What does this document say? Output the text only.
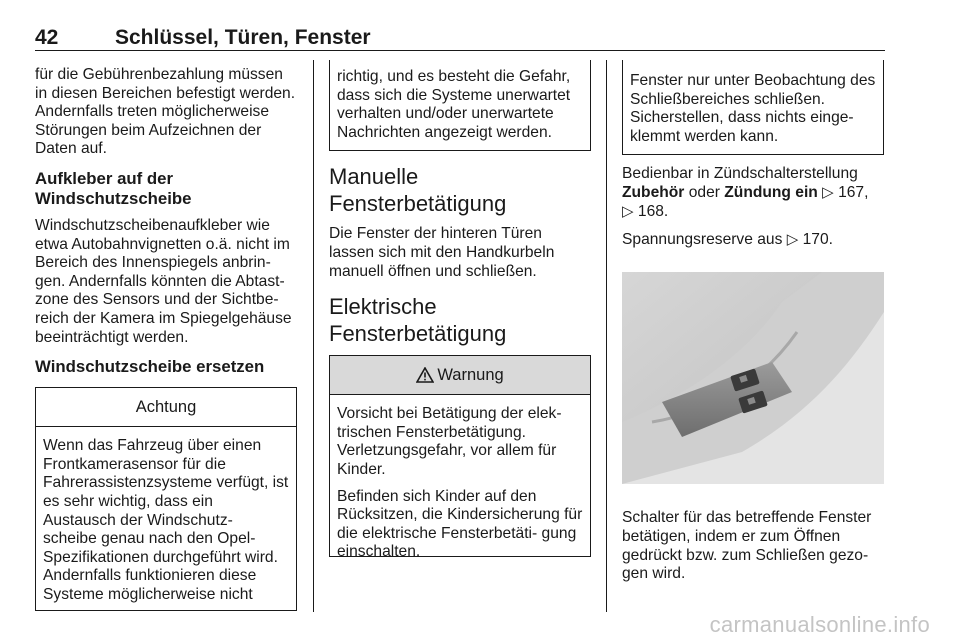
42	Schlüssel, Türen, Fenster

für die Gebührenbezahlung müssen in diesen Bereichen befestigt werden. Andernfalls treten möglicherweise Störungen beim Aufzeichnen der Daten auf.

Aufkleber auf der Windschutzscheibe

Windschutzscheibenaufkleber wie etwa Autobahnvignetten o.ä. nicht im Bereich des Innenspiegels anbrin- gen. Andernfalls könnten die Abtast- zone des Sensors und der Sichtbe- reich der Kamera im Spiegelgehäuse beeinträchtigt werden.

Windschutzscheibe ersetzen
Achtung

Wenn das Fahrzeug über einen Frontkamerasensor für die Fahrerassistenzsysteme verfügt, ist es sehr wichtig, dass ein Austausch der Windschutz- scheibe genau nach den Opel- Spezifikationen durchgeführt wird. Andernfalls funktionieren diese Systeme möglicherweise nicht

richtig, und es besteht die Gefahr, dass sich die Systeme unerwartet verhalten und/oder unerwartete Nachrichten angezeigt werden.

Manuelle Fensterbetätigung

Die Fenster der hinteren Türen lassen sich mit den Handkurbeln manuell öffnen und schließen.

Elektrische Fensterbetätigung
Warnung

Vorsicht bei Betätigung der elek- trischen Fensterbetätigung. Verletzungsgefahr, vor allem für Kinder.

Befinden sich Kinder auf den Rücksitzen, die Kindersicherung für die elektrische Fensterbetäti- gung einschalten.

Fenster nur unter Beobachtung des Schließbereiches schließen. Sicherstellen, dass nichts einge- klemmt werden kann.

Bedienbar in Zündschalterstellung
Zubehör oder Zündung ein ▷ 167,
▷ 168.

Spannungsreserve aus ▷ 170.

Schalter für das betreffende Fenster betätigen, indem er zum Öffnen gedrückt bzw. zum Schließen gezo- gen wird.

carmanualsonline.info
